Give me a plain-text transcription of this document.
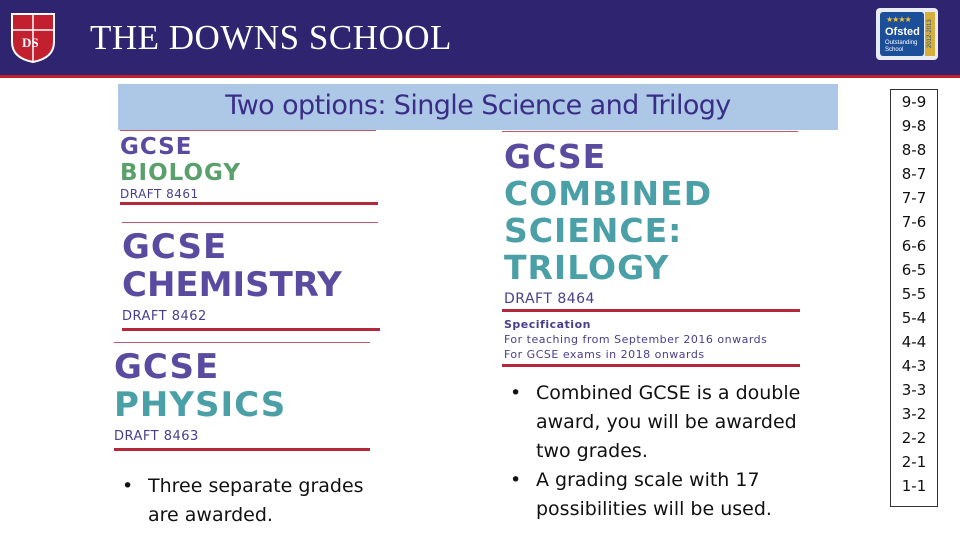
DS THE DOWNS SCHOOL	★★★★
Ofsted
Outstanding
School
2012-2013
Two options: Single Science and Trilogy
GCSE
BIOLOGY
DRAFT 8461
GCSE
CHEMISTRY
DRAFT 8462
GCSE
PHYSICS
DRAFT 8463
GCSE
COMBINED
SCIENCE:
TRILOGY
DRAFT 8464
Specification
For teaching from September 2016 onwards
For GCSE exams in 2018 onwards
• Three separate grades are awarded.
• Combined GCSE is a double award, you will be awarded two grades.
• A grading scale with 17 possibilities will be used.
9-9
9-8
8-8
8-7
7-7
7-6
6-6
6-5
5-5
5-4
4-4
4-3
3-3
3-2
2-2
2-1
1-1
